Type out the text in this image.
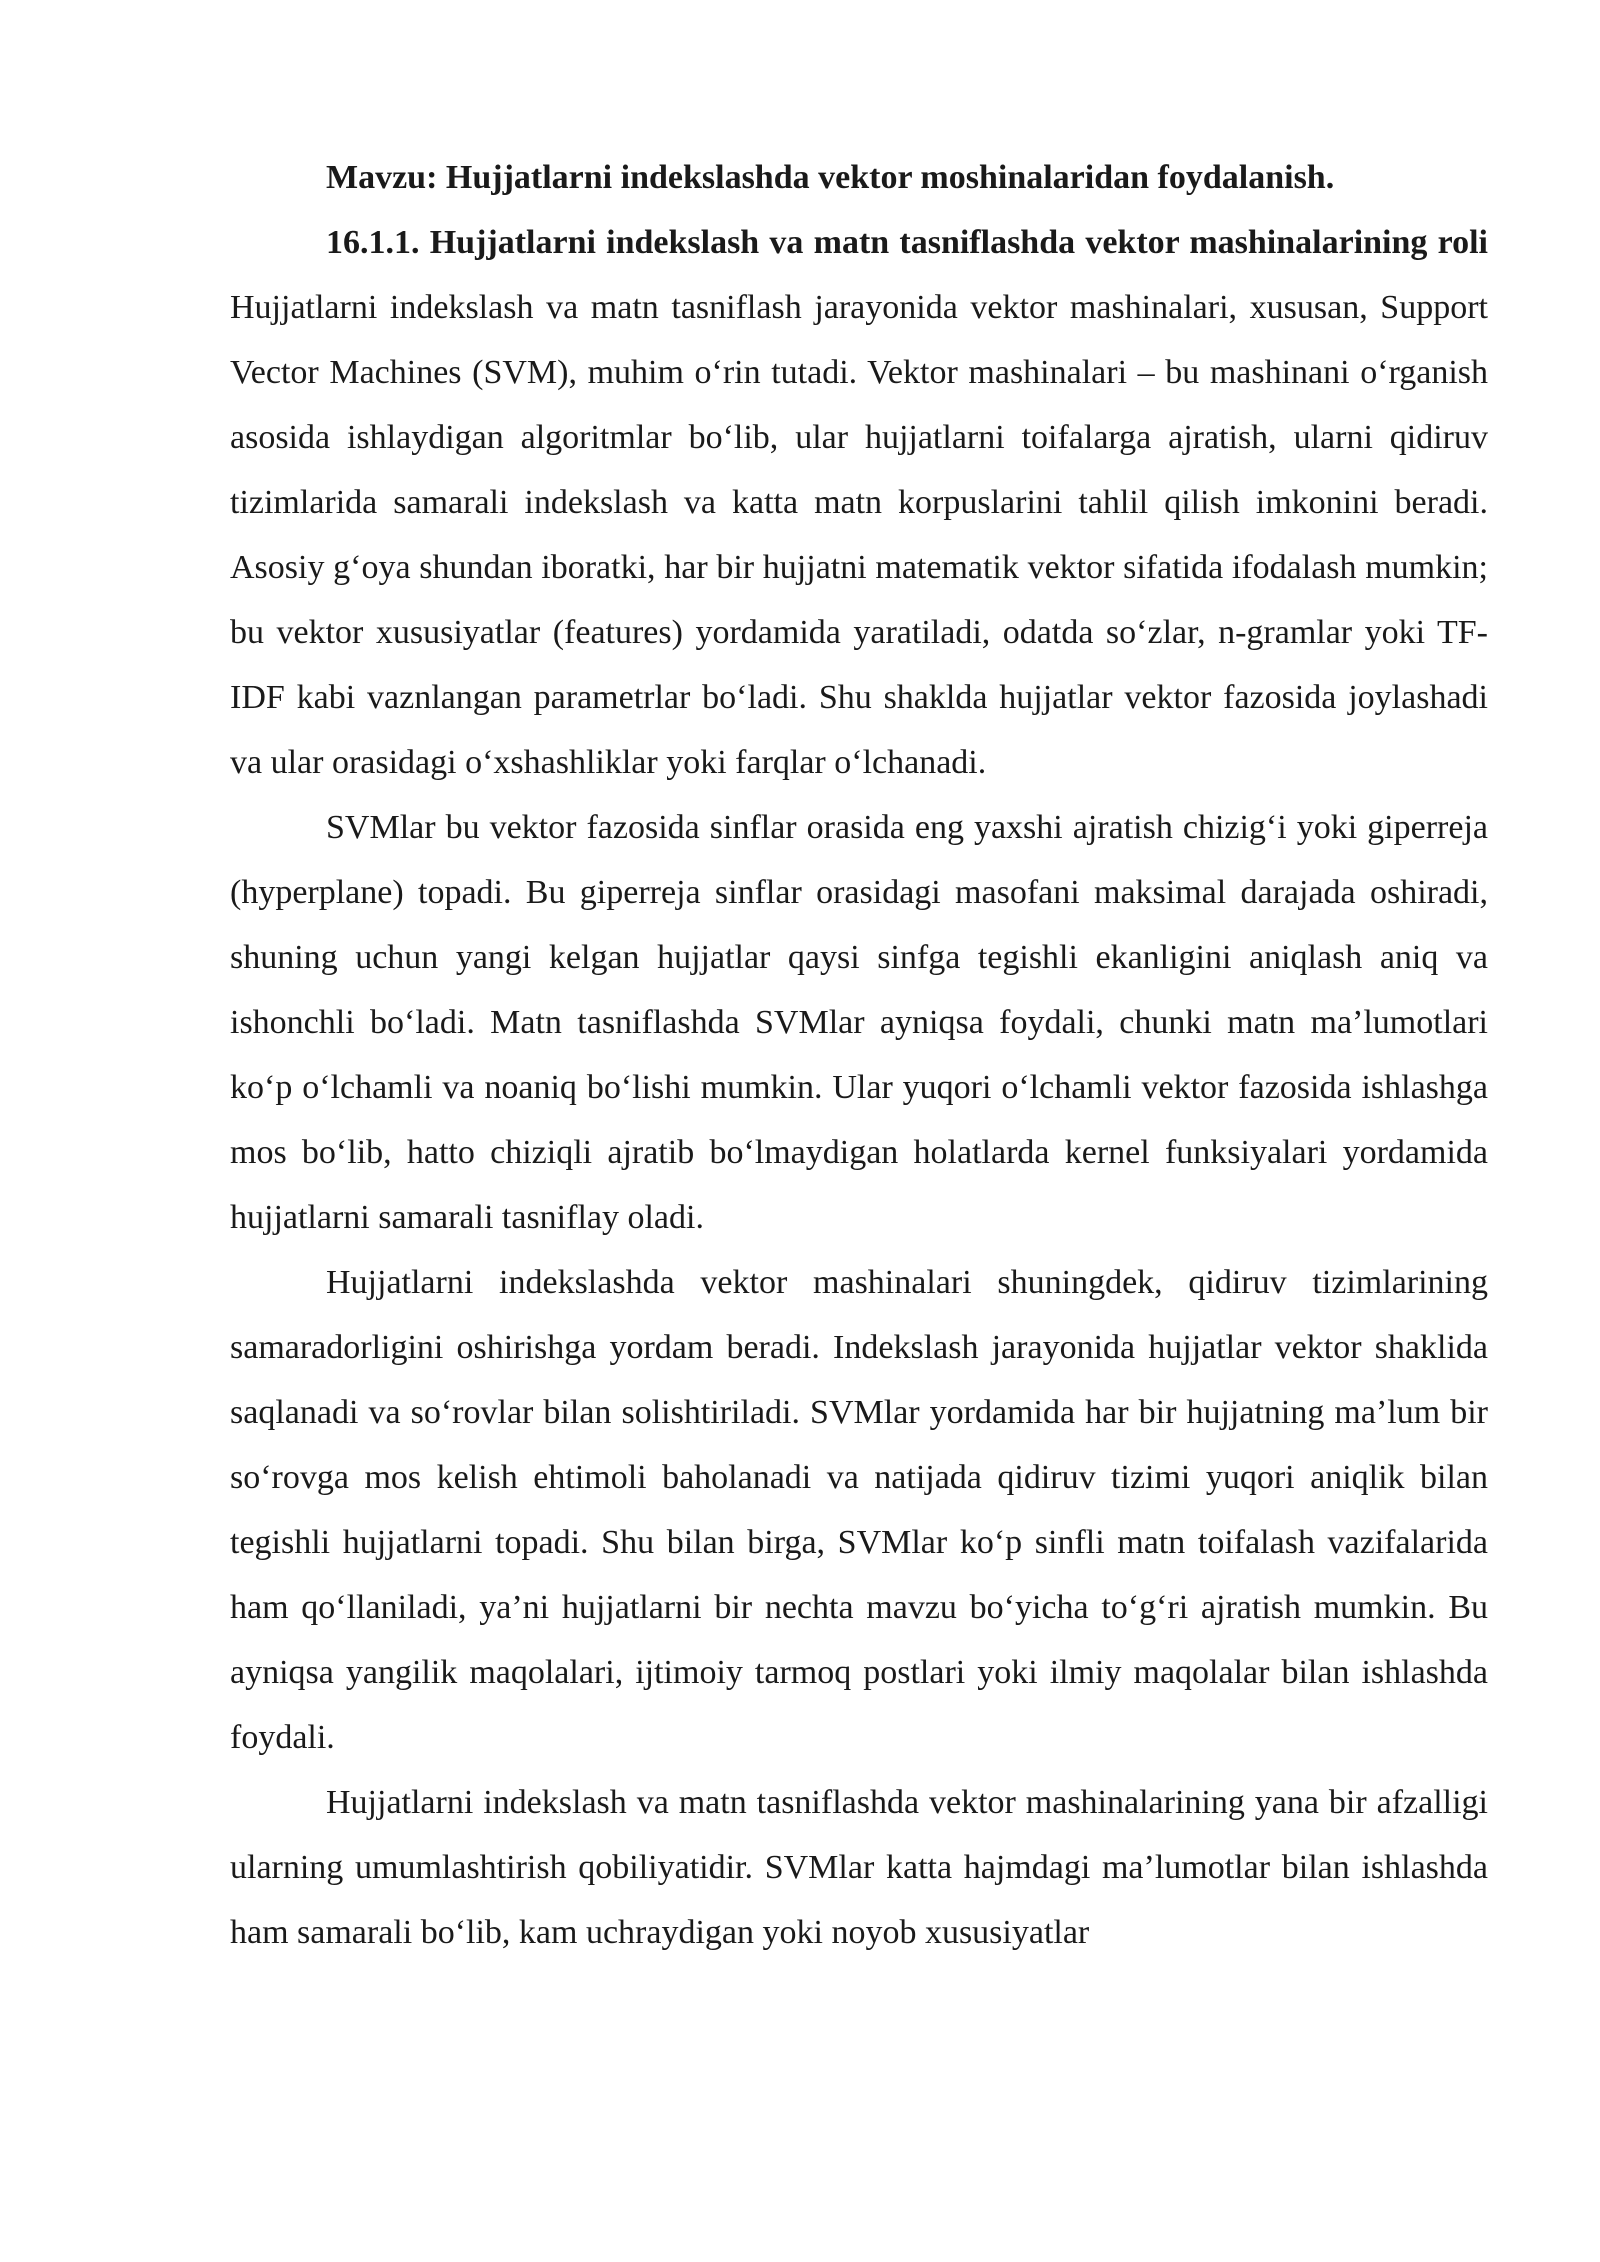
Mavzu: Hujjatlarni indekslashda vektor moshinalaridan foydalanish.

16.1.1. Hujjatlarni indekslash va matn tasniflashda vektor mashinalarining roli Hujjatlarni indekslash va matn tasniflash jarayonida vektor mashinalari, xususan, Support Vector Machines (SVM), muhim o‘rin tutadi. Vektor mashinalari – bu mashinani o‘rganish asosida ishlaydigan algoritmlar bo‘lib, ular hujjatlarni toifalarga ajratish, ularni qidiruv tizimlarida samarali indekslash va katta matn korpuslarini tahlil qilish imkonini beradi. Asosiy g‘oya shundan iboratki, har bir hujjatni matematik vektor sifatida ifodalash mumkin; bu vektor xususiyatlar (features) yordamida yaratiladi, odatda so‘zlar, n-gramlar yoki TF-IDF kabi vaznlangan parametrlar bo‘ladi. Shu shaklda hujjatlar vektor fazosida joylashadi va ular orasidagi o‘xshashliklar yoki farqlar o‘lchanadi.

SVMlar bu vektor fazosida sinflar orasida eng yaxshi ajratish chizig‘i yoki giperreja (hyperplane) topadi. Bu giperreja sinflar orasidagi masofani maksimal darajada oshiradi, shuning uchun yangi kelgan hujjatlar qaysi sinfga tegishli ekanligini aniqlash aniq va ishonchli bo‘ladi. Matn tasniflashda SVMlar ayniqsa foydali, chunki matn ma’lumotlari ko‘p o‘lchamli va noaniq bo‘lishi mumkin. Ular yuqori o‘lchamli vektor fazosida ishlashga mos bo‘lib, hatto chiziqli ajratib bo‘lmaydigan holatlarda kernel funksiyalari yordamida hujjatlarni samarali tasniflay oladi.

Hujjatlarni indekslashda vektor mashinalari shuningdek, qidiruv tizimlarining samaradorligini oshirishga yordam beradi. Indekslash jarayonida hujjatlar vektor shaklida saqlanadi va so‘rovlar bilan solishtiriladi. SVMlar yordamida har bir hujjatning ma’lum bir so‘rovga mos kelish ehtimoli baholanadi va natijada qidiruv tizimi yuqori aniqlik bilan tegishli hujjatlarni topadi. Shu bilan birga, SVMlar ko‘p sinfli matn toifalash vazifalarida ham qo‘llaniladi, ya’ni hujjatlarni bir nechta mavzu bo‘yicha to‘g‘ri ajratish mumkin. Bu ayniqsa yangilik maqolalari, ijtimoiy tarmoq postlari yoki ilmiy maqolalar bilan ishlashda foydali.

Hujjatlarni indekslash va matn tasniflashda vektor mashinalarining yana bir afzalligi ularning umumlashtirish qobiliyatidir. SVMlar katta hajmdagi ma’lumotlar bilan ishlashda ham samarali bo‘lib, kam uchraydigan yoki noyob xususiyatlar
